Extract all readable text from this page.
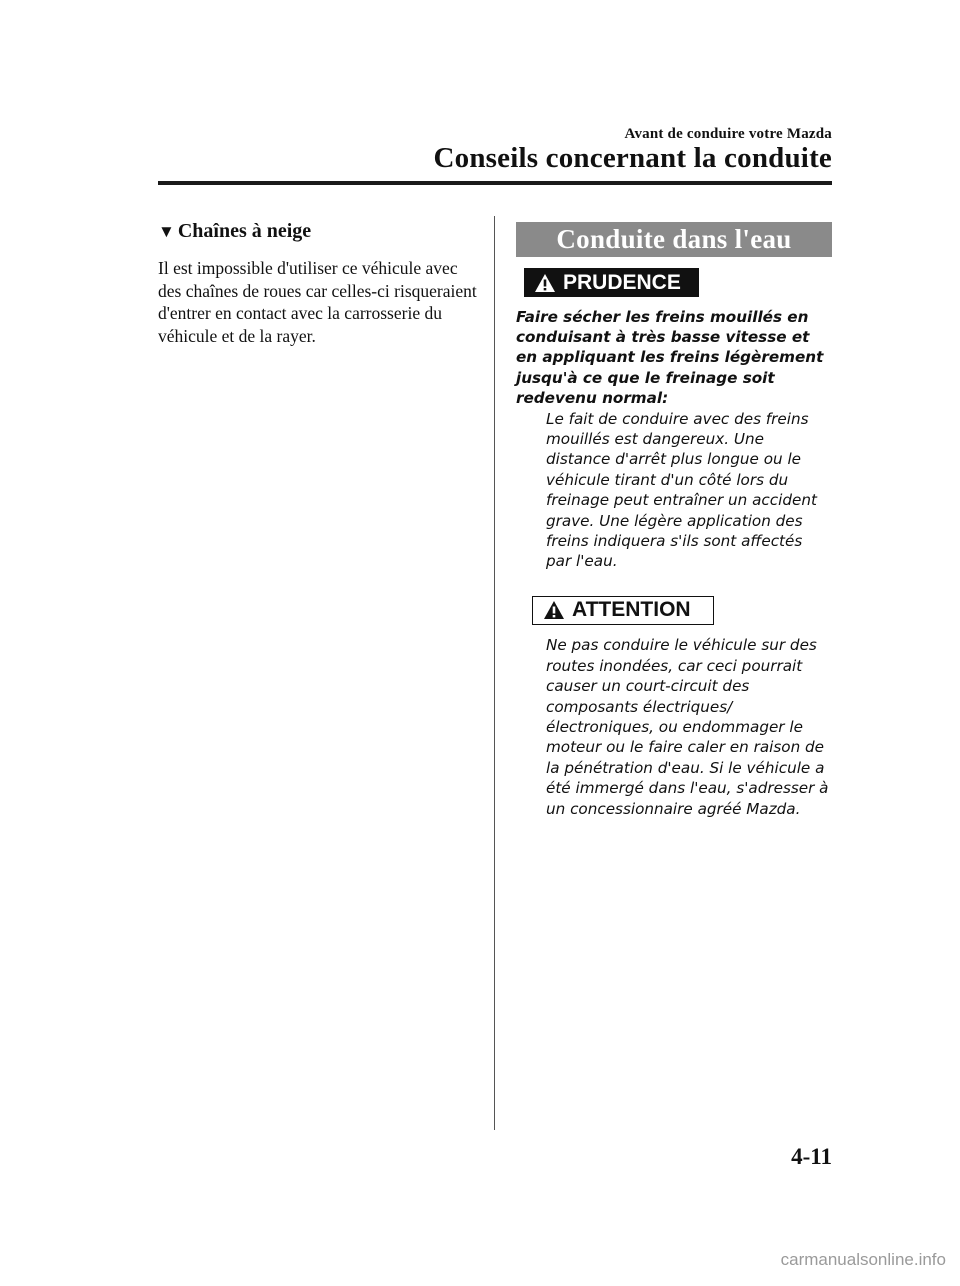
Avant de conduire votre Mazda
Conseils concernant la conduite
▼ Chaînes à neige

Il est impossible d'utiliser ce véhicule avec des chaînes de roues car celles-ci risqueraient d'entrer en contact avec la carrosserie du véhicule et de la rayer.

Conduite dans l'eau
PRUDENCE

Faire sécher les freins mouillés en conduisant à très basse vitesse et en appliquant les freins légèrement jusqu'à ce que le freinage soit redevenu normal:

Le fait de conduire avec des freins mouillés est dangereux. Une distance d'arrêt plus longue ou le véhicule tirant d'un côté lors du freinage peut entraîner un accident grave. Une légère application des freins indiquera s'ils sont affectés par l'eau.

ATTENTION

Ne pas conduire le véhicule sur des routes inondées, car ceci pourrait causer un court-circuit des composants électriques/ électroniques, ou endommager le moteur ou le faire caler en raison de la pénétration d'eau. Si le véhicule a été immergé dans l'eau, s'adresser à un concessionnaire agréé Mazda.

4-11
carmanualsonline.info
